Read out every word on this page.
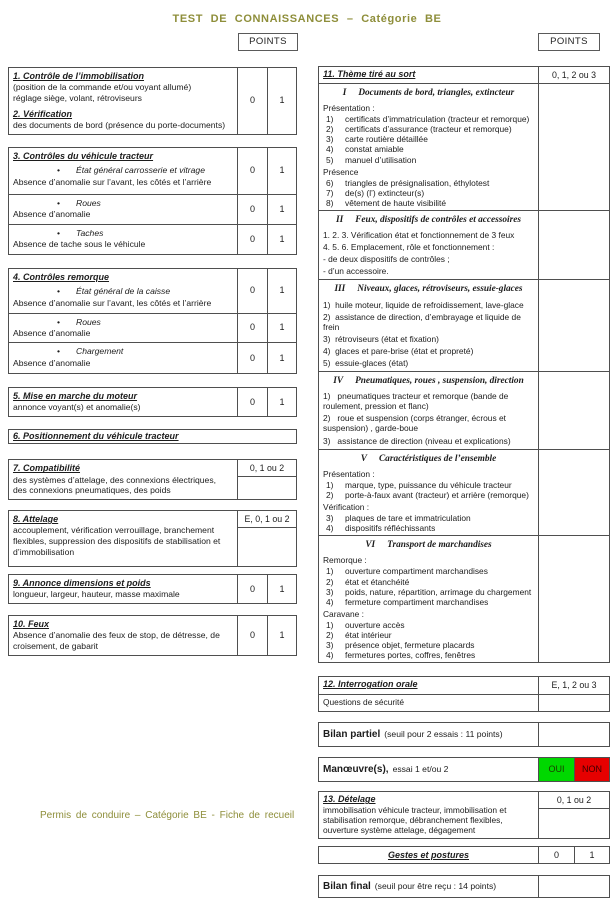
TEST DE CONNAISSANCES – Catégorie BE
POINTS	POINTS
1. Contrôle de l’immobilisation
(position de la commande et/ou voyant allumé)
réglage siège, volant, rétroviseurs
2. Vérification
des documents de bord (présence du porte-documents)
0	1
3. Contrôles du véhicule tracteur
• État général carrosserie et vitrage
Absence d’anomalie sur l’avant, les côtés et l’arrière
0	1
• Roues
Absence d’anomalie
0	1
• Taches
Absence de tache sous le véhicule
0	1
4. Contrôles remorque
• État général de la caisse
Absence d’anomalie sur l’avant, les côtés et l’arrière
0	1
• Roues
Absence d’anomalie
0	1
• Chargement
Absence d’anomalie
0	1
5. Mise en marche du moteur
annonce voyant(s) et anomalie(s)
0	1
6. Positionnement du véhicule tracteur
7. Compatibilité
des systèmes d’attelage, des connexions électriques, des connexions pneumatiques, des poids
0, 1 ou 2
8. Attelage
accouplement, vérification verrouillage, branchement flexibles, suppression des dispositifs de stabilisation et d’immobilisation
E, 0, 1 ou 2
9. Annonce dimensions et poids
longueur, largeur, hauteur, masse maximale
0	1
10. Feux
Absence d’anomalie des feux de stop, de détresse, de croisement, de gabarit
0	1
11. Thème tiré au sort	0, 1, 2 ou 3
I Documents de bord, triangles, extincteur
Présentation :
1)	certificats d’immatriculation (tracteur et remorque)
2)	certificats d’assurance (tracteur et remorque)
3)	carte routière détaillée
4)	constat amiable
5)	manuel d’utilisation
Présence
6)	triangles de présignalisation, éthylotest
7)	de(s) (l’) extincteur(s)
8)	vêtement de haute visibilité
II Feux, dispositifs de contrôles et accessoires
1. 2. 3. Vérification état et fonctionnement de 3 feux
4. 5. 6. Emplacement, rôle et fonctionnement :
- de deux dispositifs de contrôles ;
- d’un accessoire.
III Niveaux, glaces, rétroviseurs, essuie-glaces
1)  huile moteur, liquide de refroidissement, lave-glace
2)  assistance de direction, d’embrayage et liquide de frein
3)  rétroviseurs (état et fixation)
4)  glaces et pare-brise (état et propreté)
5)  essuie-glaces (état)
IV Pneumatiques, roues , suspension, direction
1)   pneumatiques tracteur et remorque (bande de roulement, pression et flanc)
2)   roue et suspension (corps étranger, écrous et suspension) , garde-boue
3)   assistance de direction (niveau et explications)
V Caractéristiques de l’ensemble
Présentation :
1)	marque, type, puissance du véhicule tracteur
2)	porte-à-faux avant (tracteur) et arrière (remorque)
Vérification :
3)	plaques de tare et immatriculation
4)	dispositifs réfléchissants
VI Transport de marchandises
Remorque :
1)	ouverture compartiment marchandises
2)	état et étanchéité
3)	poids, nature, répartition, arrimage du chargement
4)	fermeture compartiment marchandises
Caravane :
1)	ouverture accès
2)	état intérieur
3)	présence objet, fermeture placards
4)	fermetures portes, coffres, fenêtres
12. Interrogation orale	E, 1, 2 ou 3
Questions de sécurité
Bilan partiel (seuil pour 2 essais : 11 points)
Manœuvre(s), essai 1 et/ou 2	OUI	NON
13. Dételage
immobilisation véhicule tracteur, immobilisation et stabilisation remorque, débranchement flexibles, ouverture système attelage, dégagement
0, 1 ou 2
Gestes et postures	0	1
Bilan final (seuil pour être reçu : 14 points)
Permis de conduire – Catégorie BE - Fiche de recueil
